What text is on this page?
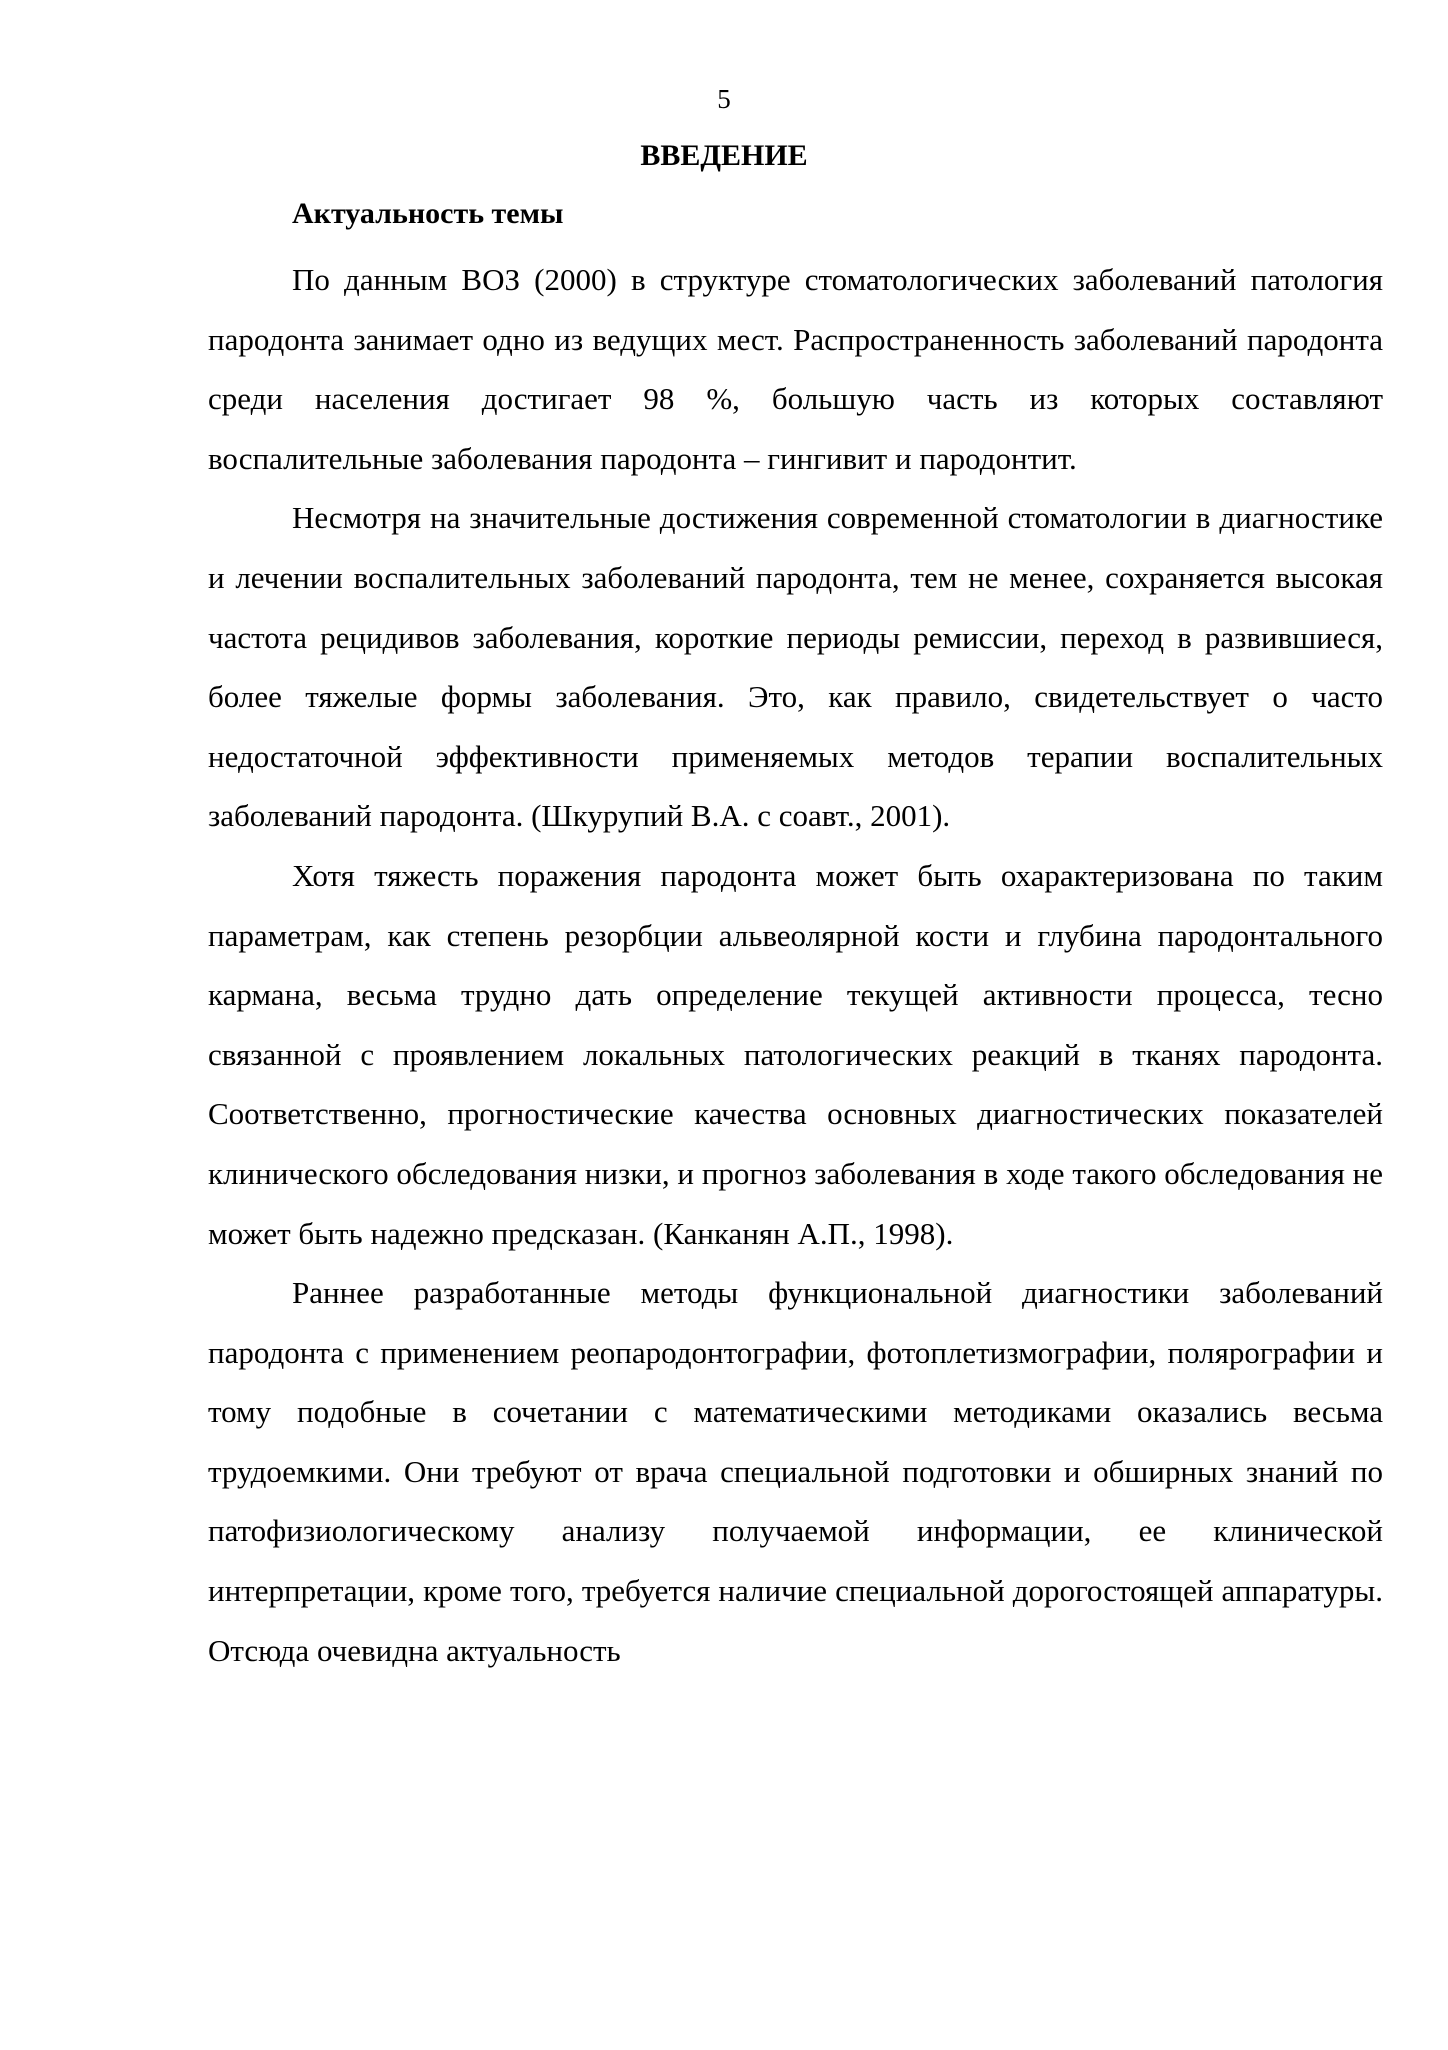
5
ВВЕДЕНИЕ
Актуальность темы

По данным ВОЗ (2000) в структуре стоматологических заболеваний патология пародонта занимает одно из ведущих мест. Распространенность заболеваний пародонта среди населения достигает 98 %, большую часть из которых составляют воспалительные заболевания пародонта – гингивит и пародонтит.

Несмотря на значительные достижения современной стоматологии в диагностике и лечении воспалительных заболеваний пародонта, тем не менее, сохраняется высокая частота рецидивов заболевания, короткие периоды ремиссии, переход в развившиеся, более тяжелые формы заболевания. Это, как правило, свидетельствует о часто недостаточной эффективности применяемых методов терапии воспалительных заболеваний пародонта. (Шкурупий В.А. с соавт., 2001).

Хотя тяжесть поражения пародонта может быть охарактеризована по таким параметрам, как степень резорбции альвеолярной кости и глубина пародонтального кармана, весьма трудно дать определение текущей активности процесса, тесно связанной с проявлением локальных патологических реакций в тканях пародонта. Соответственно, прогностические качества основных диагностических показателей клинического обследования низки, и прогноз заболевания в ходе такого обследования не может быть надежно предсказан. (Канканян А.П., 1998).

Раннее разработанные методы функциональной диагностики заболеваний пародонта с применением реопародонтографии, фотоплетизмографии, полярографии и тому подобные в сочетании с математическими методиками оказались весьма трудоемкими. Они требуют от врача специальной подготовки и обширных знаний по патофизиологическому анализу получаемой информации, ее клинической интерпретации, кроме того, требуется наличие специальной дорогостоящей аппаратуры. Отсюда очевидна актуальность
